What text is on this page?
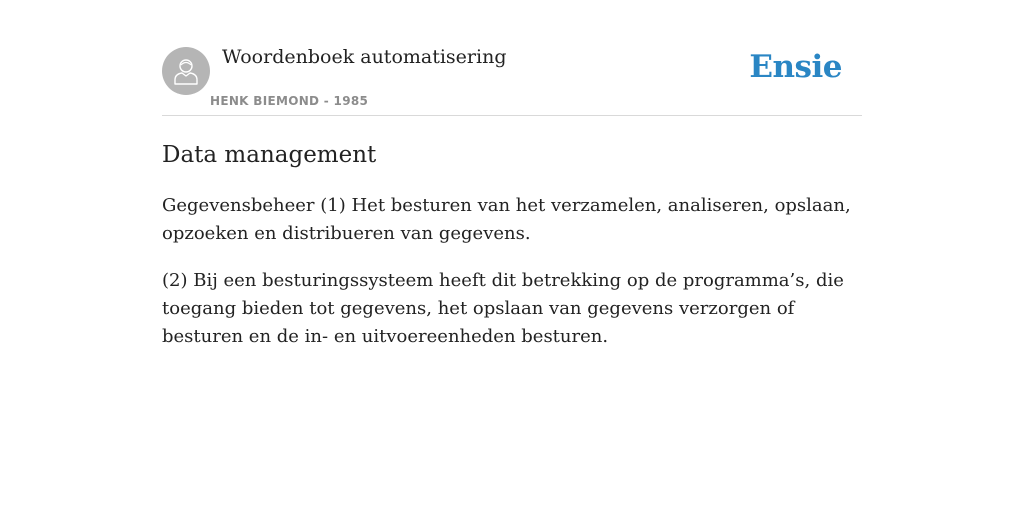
Woordenboek automatisering
HENK BIEMOND - 1985
Ensie
Data management

Gegevensbeheer (1) Het besturen van het verzamelen, analiseren, opslaan, opzoeken en distribueren van gegevens.

(2) Bij een besturingssysteem heeft dit betrekking op de programma’s, die toegang bieden tot gegevens, het opslaan van gegevens verzorgen of besturen en de in- en uitvoereenheden besturen.
